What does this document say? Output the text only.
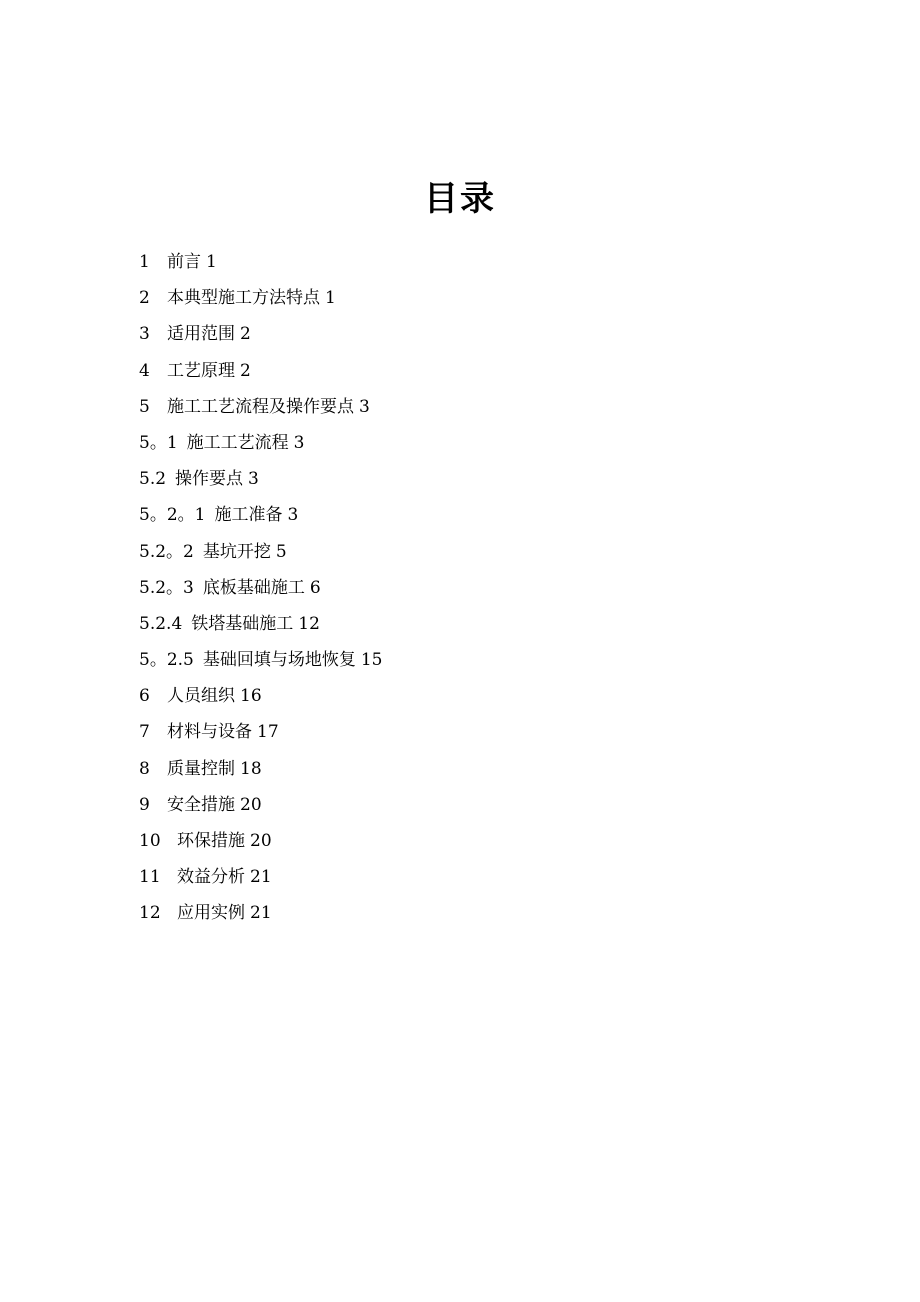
目录
1	前言 1
2	本典型施工方法特点 1
3	适用范围 2
4	工艺原理 2
5	施工工艺流程及操作要点 3
5。1 施工工艺流程 3
5.2 操作要点 3
5。2。1 施工准备 3
5.2。2 基坑开挖 5
5.2。3 底板基础施工 6
5.2.4 铁塔基础施工 12
5。2.5 基础回填与场地恢复 15
6	人员组织 16
7	材料与设备 17
8	质量控制 18
9	安全措施 20
10 环保措施 20
11 效益分析 21
12 应用实例 21
